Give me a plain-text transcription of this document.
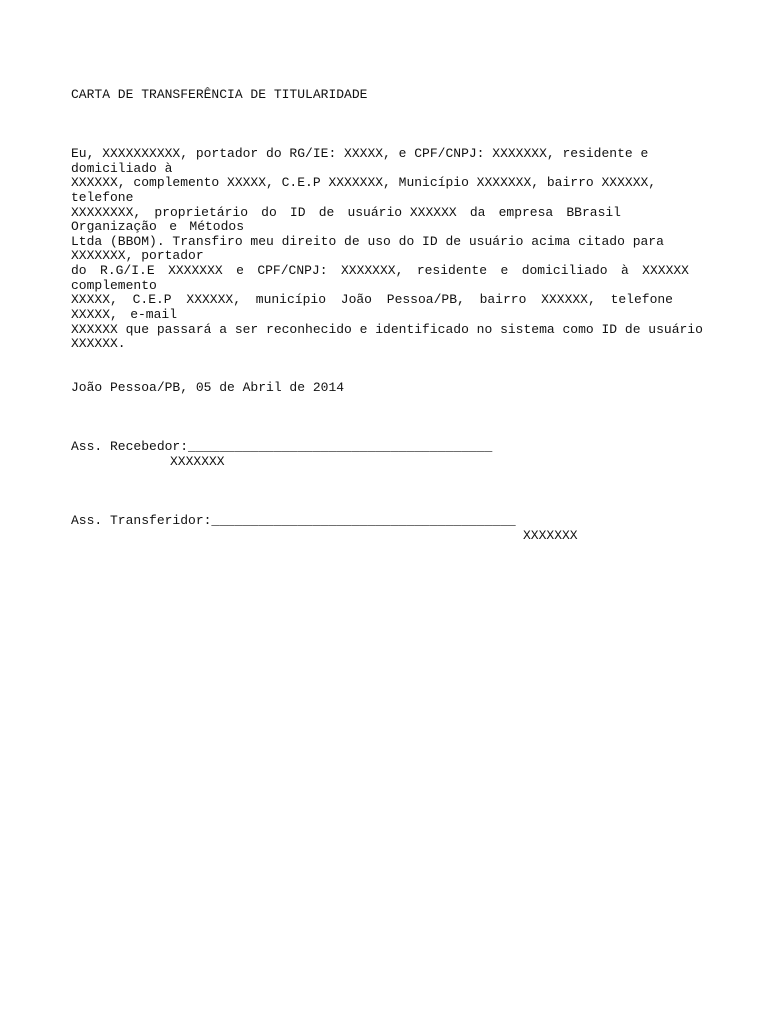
CARTA DE TRANSFERÊNCIA DE TITULARIDADE
Eu, XXXXXXXXXX, portador do RG/IE: XXXXX, e CPF/CNPJ: XXXXXXX, residente e
domiciliado à
XXXXXX, complemento XXXXX, C.E.P XXXXXXX, Município XXXXXXX, bairro XXXXXX,
telefone
XXXXXXXX, proprietário do ID de usuário XXXXXX da empresa BBrasil
Organização e Métodos
Ltda (BBOM). Transfiro meu direito de uso do ID de usuário acima citado para
XXXXXXX, portador
do R.G/I.E XXXXXXX e CPF/CNPJ: XXXXXXX, residente e domiciliado à XXXXXX
complemento
XXXXX, C.E.P XXXXXX, município João Pessoa/PB, bairro XXXXXX, telefone
XXXXX, e-mail
XXXXXX que passará a ser reconhecido e identificado no sistema como ID de usuário
XXXXXX.
João Pessoa/PB, 05 de Abril de 2014
Ass. Recebedor:_______________________________________
XXXXXXX
Ass. Transferidor:_______________________________________
XXXXXXX
